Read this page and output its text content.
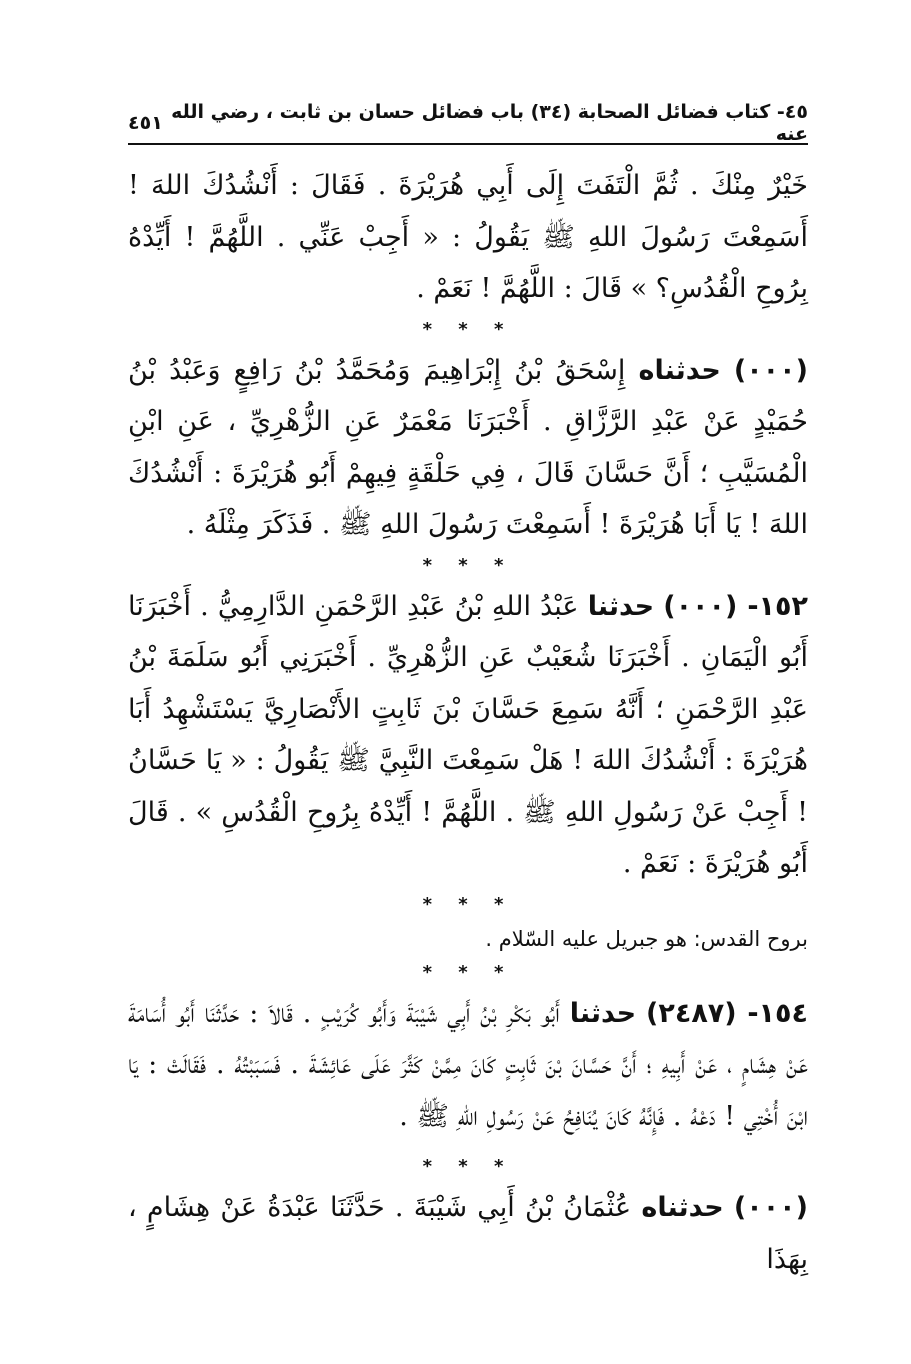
٤٥- كتاب فضائل الصحابة (٣٤) باب فضائل حسان بن ثابت ، رضي الله عنه
٤٥١

خَيْرٌ مِنْكَ . ثُمَّ الْتَفَتَ إِلَى أَبِي هُرَيْرَةَ . فَقَالَ : أَنْشُدُكَ اللهَ ! أَسَمِعْتَ رَسُولَ اللهِ ﷺ يَقُولُ : « أَجِبْ عَنِّي . اللَّهُمَّ ! أَيِّدْهُ بِرُوحِ الْقُدُسِ؟ » قَالَ : اللَّهُمَّ ! نَعَمْ .

* * *

(٠٠٠) حدثناه إِسْحَقُ بْنُ إِبْرَاهِيمَ وَمُحَمَّدُ بْنُ رَافِعٍ وَعَبْدُ بْنُ حُمَيْدٍ عَنْ عَبْدِ الرَّزَّاقِ . أَخْبَرَنَا مَعْمَرٌ عَنِ الزُّهْرِيِّ ، عَنِ ابْنِ الْمُسَيَّبِ ؛ أَنَّ حَسَّانَ قَالَ ، فِي حَلْقَةٍ فِيهِمْ أَبُو هُرَيْرَةَ : أَنْشُدُكَ اللهَ ! يَا أَبَا هُرَيْرَةَ ! أَسَمِعْتَ رَسُولَ اللهِ ﷺ . فَذَكَرَ مِثْلَهُ .

* * *

١٥٢- (٠٠٠) حدثنا عَبْدُ اللهِ بْنُ عَبْدِ الرَّحْمَنِ الدَّارِمِيُّ . أَخْبَرَنَا أَبُو الْيَمَانِ . أَخْبَرَنَا شُعَيْبٌ عَنِ الزُّهْرِيِّ . أَخْبَرَنِي أَبُو سَلَمَةَ بْنُ عَبْدِ الرَّحْمَنِ ؛ أَنَّهُ سَمِعَ حَسَّانَ بْنَ ثَابِتٍ الأَنْصَارِيَّ يَسْتَشْهِدُ أَبَا هُرَيْرَةَ : أَنْشُدُكَ اللهَ ! هَلْ سَمِعْتَ النَّبِيَّ ﷺ يَقُولُ : « يَا حَسَّانُ ! أَجِبْ عَنْ رَسُولِ اللهِ ﷺ . اللَّهُمَّ ! أَيِّدْهُ بِرُوحِ الْقُدُسِ » . قَالَ أَبُو هُرَيْرَةَ : نَعَمْ .

* * *

بروح القدس: هو جبريل عليه السّلام .

* * *

١٥٤- (٢٤٨٧) حدثنا أَبُو بَكْرِ بْنُ أَبِي شَيْبَةَ وَأَبُو كُرَيْبٍ . قَالاَ : حَدَّثَنَا أَبُو أُسَامَةَ عَنْ هِشَامٍ ، عَنْ أَبِيهِ ؛ أَنَّ حَسَّانَ بْنَ ثَابِتٍ كَانَ مِمَّنْ كَثَّرَ عَلَى عَائِشَةَ . فَسَبَبْتُهُ . فَقَالَتْ : يَا ابْنَ أُخْتِي ! دَعْهُ . فَإِنَّهُ كَانَ يُنَافِحُ عَنْ رَسُولِ اللهِ ﷺ .

* * *

(٠٠٠) حدثناه عُثْمَانُ بْنُ أَبِي شَيْبَةَ . حَدَّثَنَا عَبْدَةُ عَنْ هِشَامٍ ، بِهَذَا
